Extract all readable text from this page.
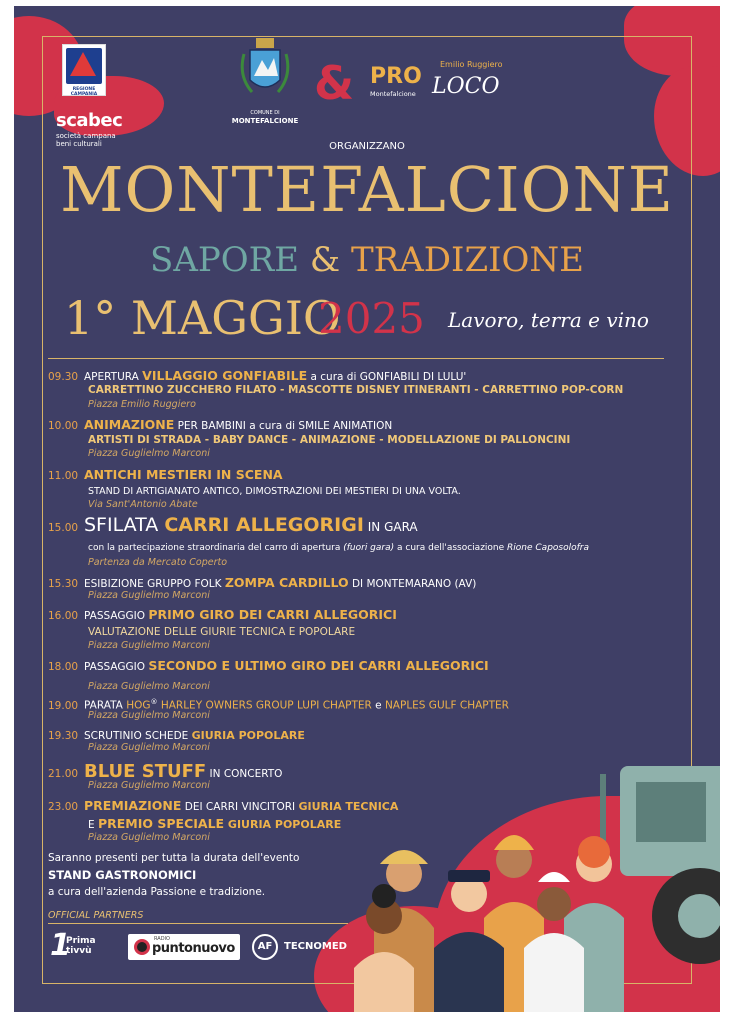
REGIONE CAMPANIA
scabec
società campana
beni culturali
COMUNE DI
MONTEFALCIONE
& PRO Emilio Ruggiero
Montefalcione LOCO
ORGANIZZANO
MONTEFALCIONE
SAPORE & TRADIZIONE
1° MAGGIO
2025 Lavoro, terra e vino
09.30 APERTURA VILLAGGIO GONFIABILE a cura di GONFIABILI DI LULU'
CARRETTINO ZUCCHERO FILATO - MASCOTTE DISNEY ITINERANTI - CARRETTINO POP-CORN
Piazza Emilio Ruggiero
10.00 ANIMAZIONE PER BAMBINI a cura di SMILE ANIMATION
ARTISTI DI STRADA - BABY DANCE - ANIMAZIONE - MODELLAZIONE DI PALLONCINI
Piazza Guglielmo Marconi
11.00 ANTICHI MESTIERI IN SCENA
STAND DI ARTIGIANATO ANTICO, DIMOSTRAZIONI DEI MESTIERI DI UNA VOLTA.
Via Sant'Antonio Abate
15.00 SFILATA CARRI ALLEGORIGI IN GARA
con la partecipazione straordinaria del carro di apertura (fuori gara) a cura dell'associazione Rione Caposolofra
Partenza da Mercato Coperto
15.30 ESIBIZIONE GRUPPO FOLK ZOMPA CARDILLO DI MONTEMARANO (AV)
Piazza Guglielmo Marconi
16.00 PASSAGGIO PRIMO GIRO DEI CARRI ALLEGORICI
VALUTAZIONE DELLE GIURIE TECNICA E POPOLARE
Piazza Guglielmo Marconi
18.00 PASSAGGIO SECONDO E ULTIMO GIRO DEI CARRI ALLEGORICI
Piazza Guglielmo Marconi
19.00 PARATA HOG® HARLEY OWNERS GROUP LUPI CHAPTER e NAPLES GULF CHAPTER
Piazza Guglielmo Marconi
19.30 SCRUTINIO SCHEDE GIURIA POPOLARE
Piazza Guglielmo Marconi
21.00 BLUE STUFF IN CONCERTO
Piazza Guglielmo Marconi
23.00 PREMIAZIONE DEI CARRI VINCITORI GIURIA TECNICA
E PREMIO SPECIALE GIURIA POPOLARE
Piazza Guglielmo Marconi
Saranno presenti per tutta la durata dell'evento
STAND GASTRONOMICI
a cura dell'azienda Passione e tradizione.
OFFICIAL PARTNERS
1
Prima tivvù
RADIO
puntonuovo	AF	TECNOMED
